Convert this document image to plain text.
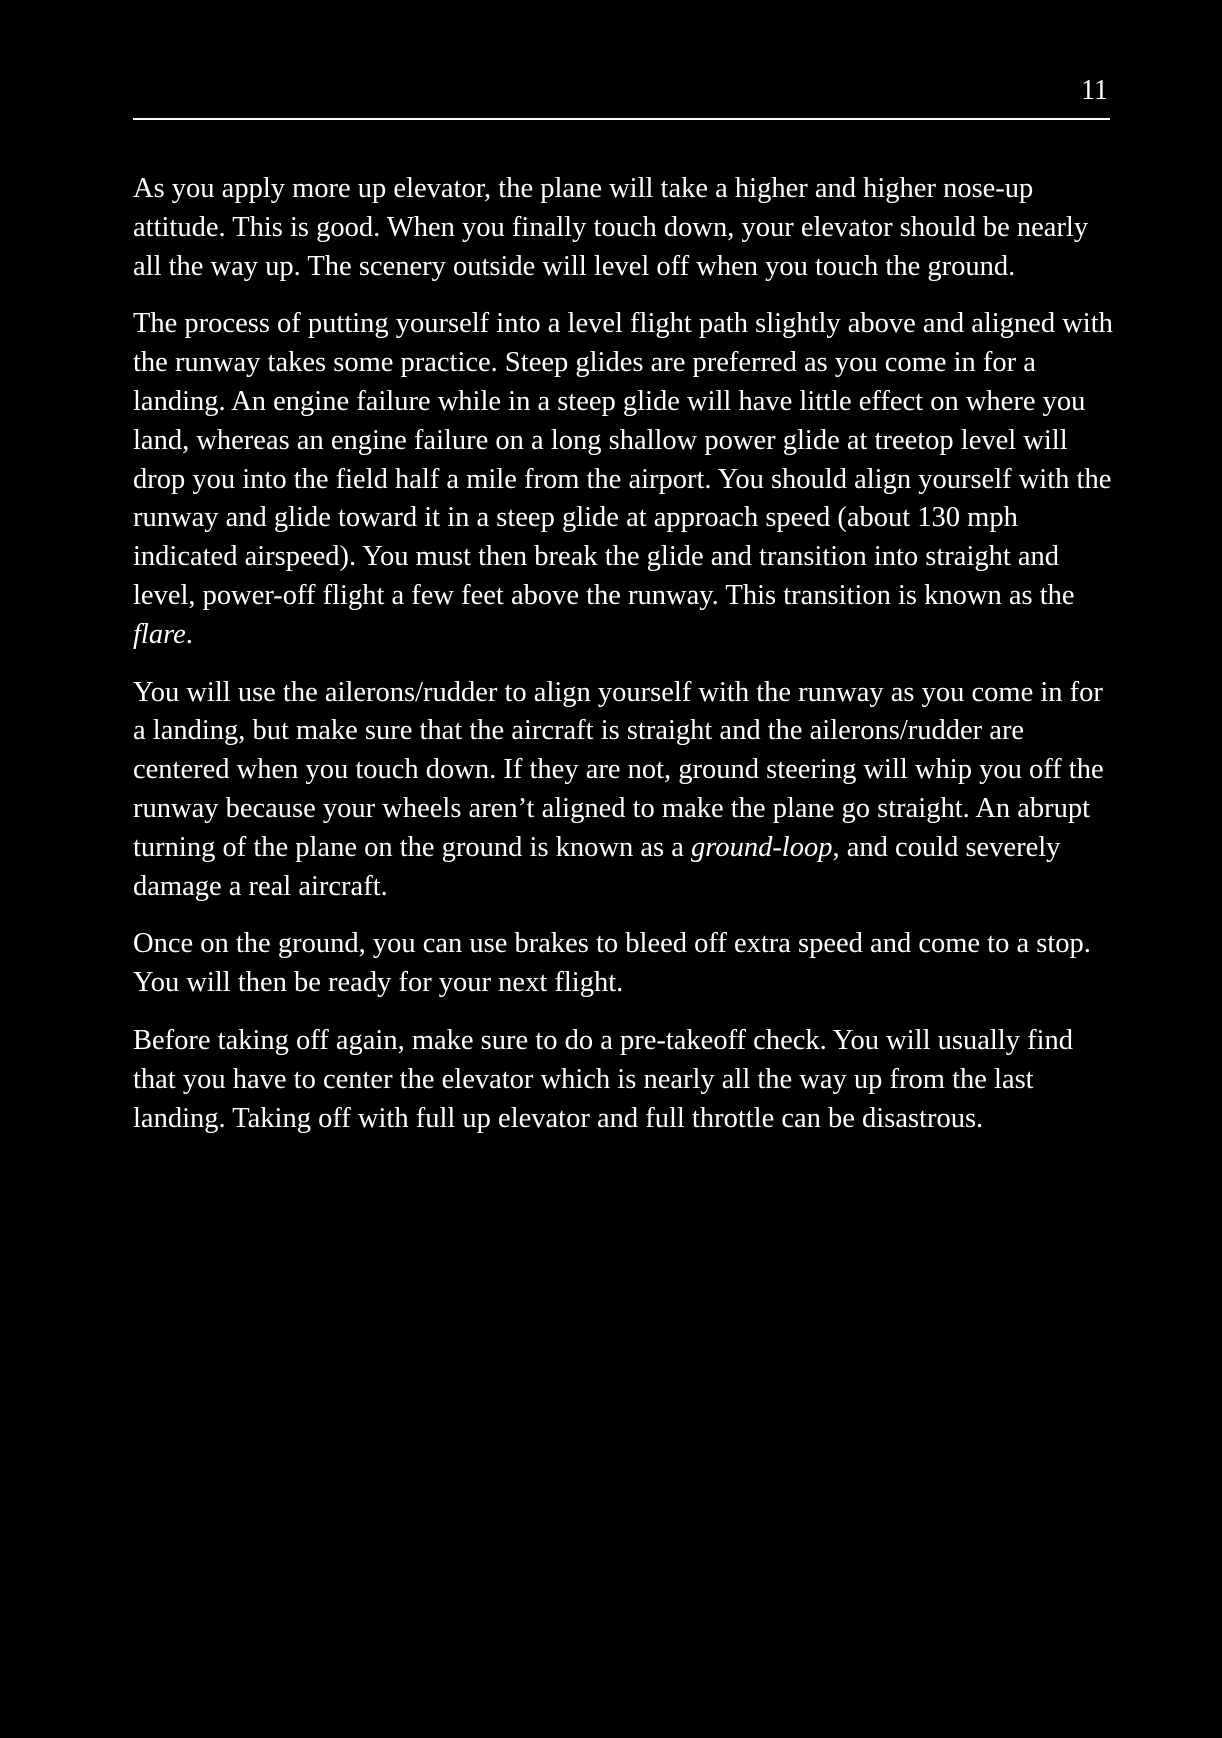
11

As you apply more up elevator, the plane will take a higher and higher nose-up attitude. This is good. When you finally touch down, your elevator should be nearly all the way up. The scenery outside will level off when you touch the ground.

The process of putting yourself into a level flight path slightly above and aligned with the runway takes some practice. Steep glides are preferred as you come in for a landing. An engine failure while in a steep glide will have little effect on where you land, whereas an engine failure on a long shallow power glide at treetop level will drop you into the field half a mile from the airport. You should align yourself with the runway and glide toward it in a steep glide at approach speed (about 130 mph indicated airspeed). You must then break the glide and transition into straight and level, power-off flight a few feet above the runway. This transition is known as the flare.

You will use the ailerons/rudder to align yourself with the runway as you come in for a landing, but make sure that the aircraft is straight and the ailerons/rudder are centered when you touch down. If they are not, ground steering will whip you off the runway because your wheels aren’t aligned to make the plane go straight. An abrupt turning of the plane on the ground is known as a ground-loop, and could severely damage a real aircraft.

Once on the ground, you can use brakes to bleed off extra speed and come to a stop. You will then be ready for your next flight.

Before taking off again, make sure to do a pre-takeoff check. You will usually find that you have to center the elevator which is nearly all the way up from the last landing. Taking off with full up elevator and full throttle can be disastrous.
